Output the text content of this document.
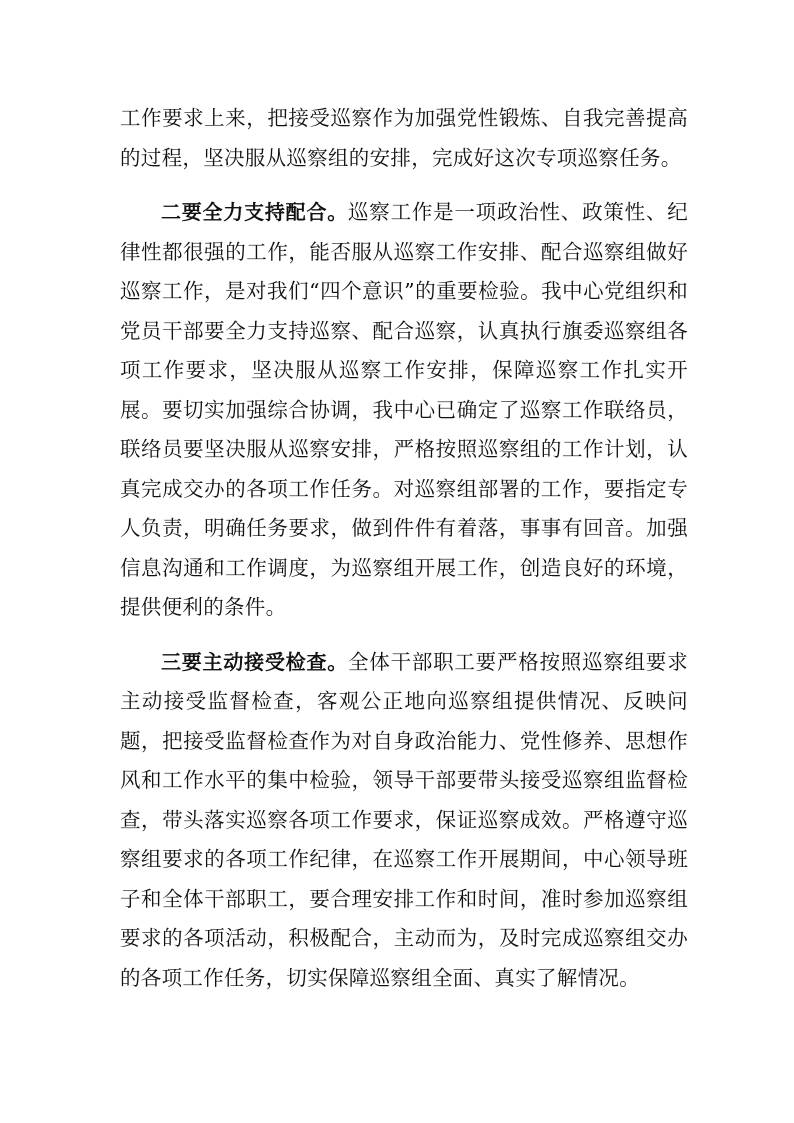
工作要求上来，把接受巡察作为加强党性锻炼、自我完善提高的过程，坚决服从巡察组的安排，完成好这次专项巡察任务。

二要全力支持配合。巡察工作是一项政治性、政策性、纪律性都很强的工作，能否服从巡察工作安排、配合巡察组做好巡察工作，是对我们“四个意识”的重要检验。我中心党组织和党员干部要全力支持巡察、配合巡察，认真执行旗委巡察组各项工作要求，坚决服从巡察工作安排，保障巡察工作扎实开展。要切实加强综合协调，我中心已确定了巡察工作联络员，联络员要坚决服从巡察安排，严格按照巡察组的工作计划，认真完成交办的各项工作任务。对巡察组部署的工作，要指定专人负责，明确任务要求，做到件件有着落，事事有回音。加强信息沟通和工作调度，为巡察组开展工作，创造良好的环境，提供便利的条件。

三要主动接受检查。全体干部职工要严格按照巡察组要求主动接受监督检查，客观公正地向巡察组提供情况、反映问题，把接受监督检查作为对自身政治能力、党性修养、思想作风和工作水平的集中检验，领导干部要带头接受巡察组监督检查，带头落实巡察各项工作要求，保证巡察成效。严格遵守巡察组要求的各项工作纪律，在巡察工作开展期间，中心领导班子和全体干部职工，要合理安排工作和时间，准时参加巡察组要求的各项活动，积极配合，主动而为，及时完成巡察组交办的各项工作任务，切实保障巡察组全面、真实了解情况。
